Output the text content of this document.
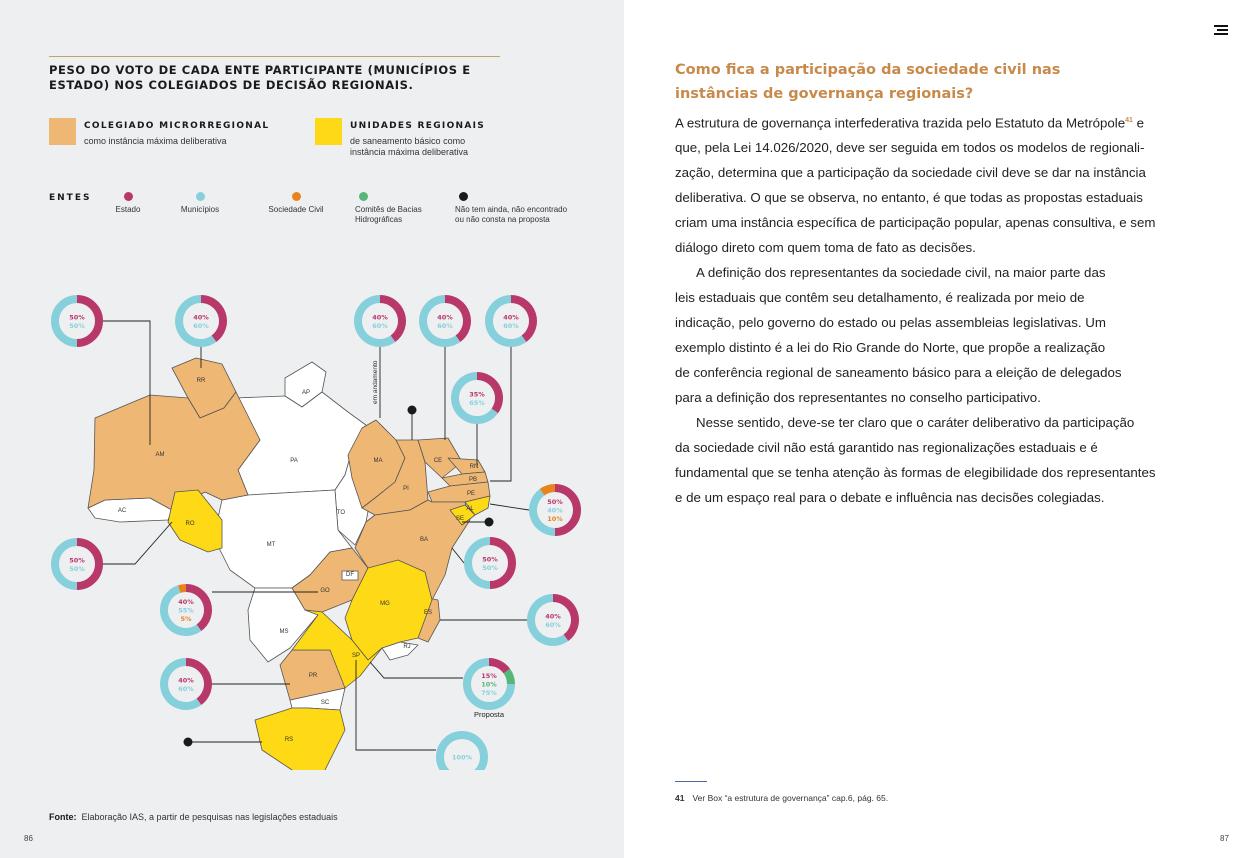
PESO DO VOTO DE CADA ENTE PARTICIPANTE (MUNICÍPIOS E ESTADO) NOS COLEGIADOS DE DECISÃO REGIONAIS.

COLEGIADO MICRORREGIONAL
como instância máxima deliberativa
UNIDADES REGIONAIS
de saneamento básico como
instância máxima deliberativa
ENTES
Estado	Municípios	Sociedade Civil	Comitês de Bacias
Hidrográficas
Não tem ainda, não encontrado
ou não consta na proposta
RR
AP
AM
PA	MA	CE
RN
PB
PE
PI
AL
SE
AC
RO
TO
BA
MT
DF
GO
MG
ES
MS
SP
RJ
PR
SC
RS
50%
50%
40%
60%
40%
60%
40%
60%
40%
60%
35%
65%
50%
40%
10%
50%
50%
50%
50%
40%
55%
5%	40%
60%
40%
60%
15%
10%
75%
100%
em andamento
Proposta
Fonte: Elaboração IAS, a partir de pesquisas nas legislações estaduais
86
Como fica a participação da sociedade civil nas
instâncias de governança regionais?
A estrutura de governança interfederativa trazida pelo Estatuto da Metrópole$^{41}$ e
que, pela Lei 14.026/2020, deve ser seguida em todos os modelos de regionali-
zação, determina que a participação da sociedade civil deve se dar na instância
deliberativa. O que se observa, no entanto, é que todas as propostas estaduais
criam uma instância específica de participação popular, apenas consultiva, e sem
diálogo direto com quem toma de fato as decisões.
A definição dos representantes da sociedade civil, na maior parte das
leis estaduais que contêm seu detalhamento, é realizada por meio de
indicação, pelo governo do estado ou pelas assembleias legislativas. Um
exemplo distinto é a lei do Rio Grande do Norte, que propõe a realização
de conferência regional de saneamento básico para a eleição de delegados
para a definição dos representantes no conselho participativo.
Nesse sentido, deve-se ter claro que o caráter deliberativo da participação
da sociedade civil não está garantido nas regionalizações estaduais e é
fundamental que se tenha atenção às formas de elegibilidade dos representantes
e de um espaço real para o debate e influência nas decisões colegiadas.
41 Ver Box “a estrutura de governança” cap.6, pág. 65.
87
